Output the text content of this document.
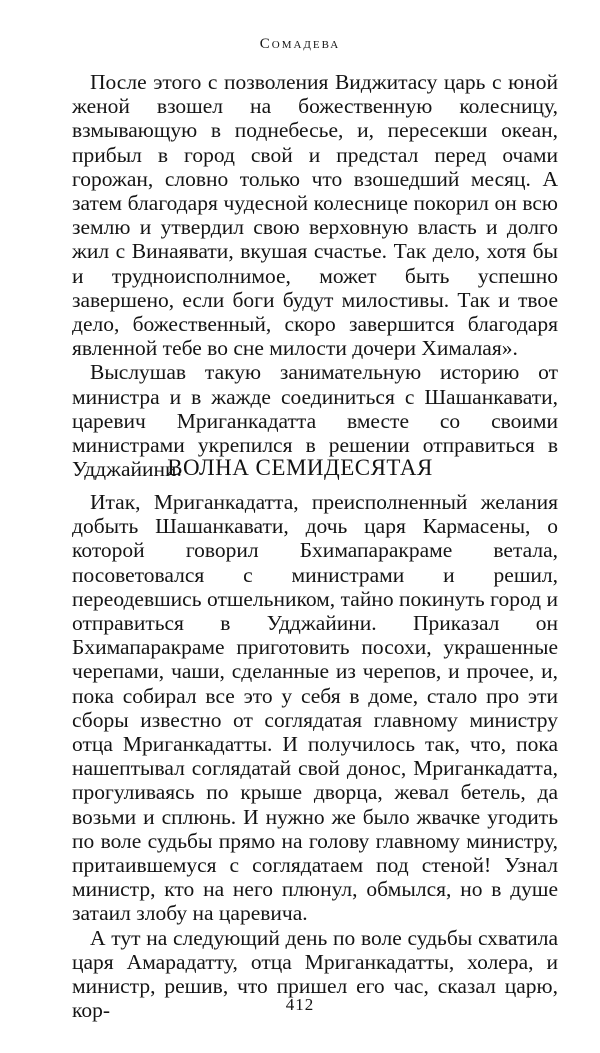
Сомадева

После этого с позволения Виджитасу царь с юной женой взошел на божественную колесницу, взмывающую в поднебесье, и, пересекши океан, прибыл в город свой и предстал перед очами горожан, словно только что взошедший месяц. А затем благодаря чудесной колеснице покорил он всю землю и утвердил свою верховную власть и долго жил с Винаявати, вкушая счастье. Так дело, хотя бы и трудноисполнимое, может быть успешно завершено, если боги будут милостивы. Так и твое дело, божественный, скоро завершится благодаря явленной тебе во сне милости дочери Хималая».

Выслушав такую занимательную историю от министра и в жажде соединиться с Шашанкавати, царевич Мриганкадатта вместе со своими министрами укрепился в решении отправиться в Удджайини.

ВОЛНА СЕМИДЕСЯТАЯ

Итак, Мриганкадатта, преисполненный желания добыть Шашанкавати, дочь царя Кармасены, о которой говорил Бхимапаракраме ветала, посоветовался с министрами и решил, переодевшись отшельником, тайно покинуть город и отправиться в Удджайини. Приказал он Бхимапаракраме приготовить посохи, украшенные черепами, чаши, сделанные из черепов, и прочее, и, пока собирал все это у себя в доме, стало про эти сборы известно от соглядатая главному министру отца Мриганкадатты. И получилось так, что, пока нашептывал соглядатай свой донос, Мриганкадатта, прогуливаясь по крыше дворца, жевал бетель, да возьми и сплюнь. И нужно же было жвачке угодить по воле судьбы прямо на голову главному министру, притаившемуся с соглядатаем под стеной! Узнал министр, кто на него плюнул, обмылся, но в душе затаил злобу на царевича.

А тут на следующий день по воле судьбы схватила царя Амарадатту, отца Мриганкадатты, холера, и министр, решив, что пришел его час, сказал царю, кор-	412
